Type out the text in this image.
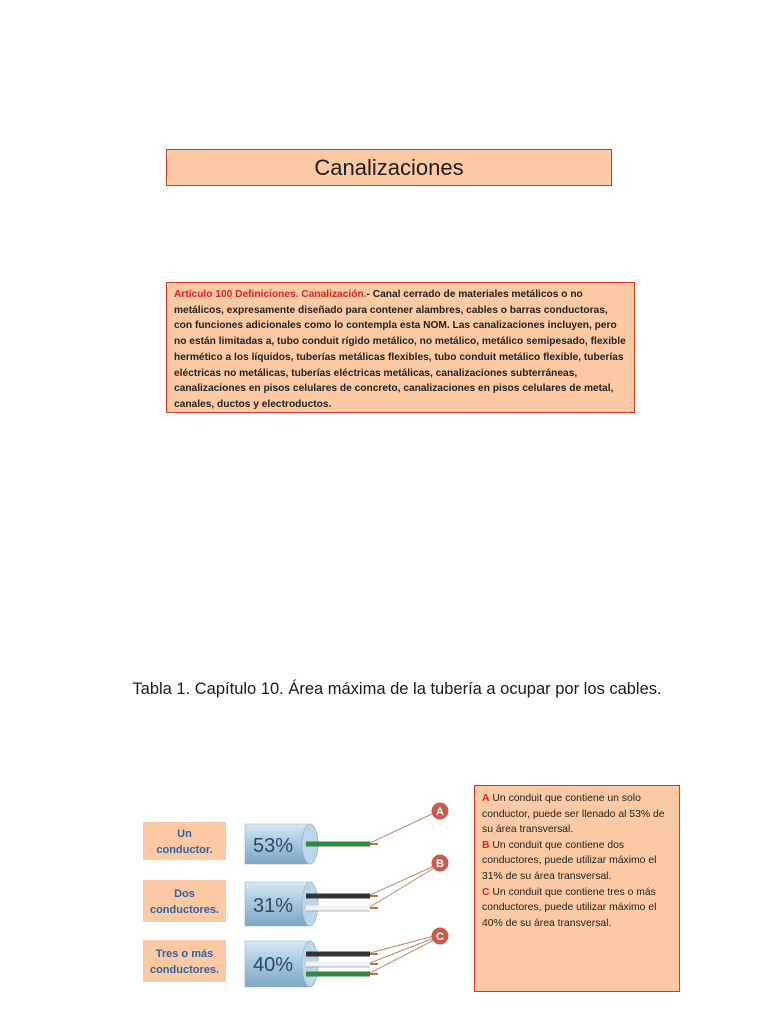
Canalizaciones
Artículo 100 Definiciones. Canalización.- Canal cerrado de materiales metálicos o no metálicos, expresamente diseñado para contener alambres, cables o barras conductoras, con funciones adicionales como lo contempla esta NOM. Las canalizaciones incluyen, pero no están limitadas a, tubo conduit rígido metálico, no metálico, metálico semipesado, flexible hermético a los líquidos, tuberías metálicas flexibles, tubo conduit metálico flexible, tuberías eléctricas no metálicas, tuberías eléctricas metálicas, canalizaciones subterráneas, canalizaciones en pisos celulares de concreto, canalizaciones en pisos celulares de metal, canales, ductos y electroductos.
Tabla 1. Capítulo 10. Área máxima de la tubería a ocupar por los cables.
Un
conductor. 53%
A
Dos
conductores. 31%
B
Tres o más
conductores. 40%
C

A Un conduit que contiene un solo conductor, puede ser llenado al 53% de su área transversal.

B Un conduit que contiene dos conductores, puede utilizar máximo el 31% de su área transversal.

C Un conduit que contiene tres o más conductores, puede utilizar máximo el 40% de su área transversal.
